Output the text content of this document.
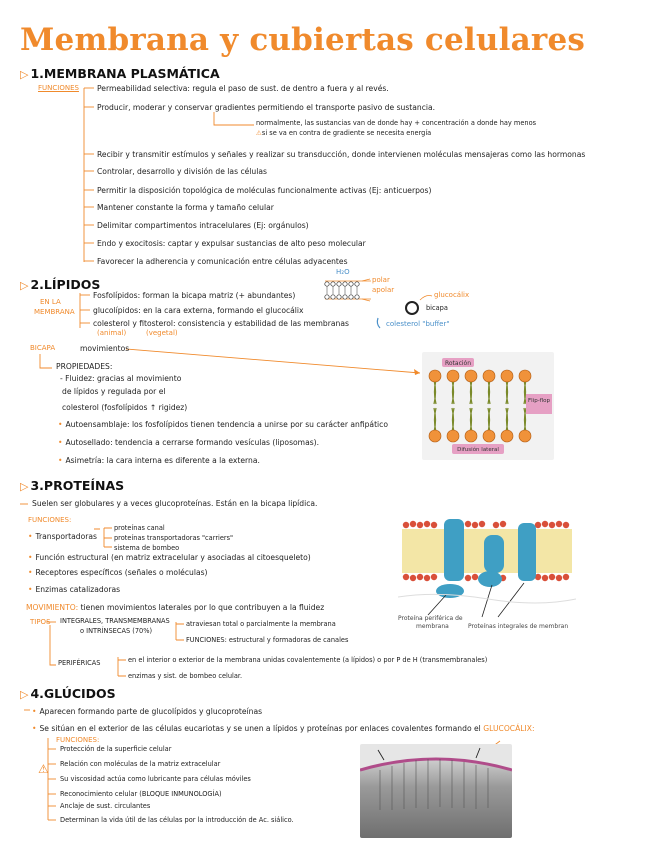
Membrana y cubiertas celulares
▷ 1.MEMBRANA PLASMÁTICA
FUNCIONES Permeabilidad selectiva: regula el paso de sust. de dentro a fuera y al revés.
Producir, moderar y conservar gradientes permitiendo el transporte pasivo de sustancia.
normalmente, las sustancias van de donde hay + concentración a donde hay menos
⚠si se va en contra de gradiente se necesita energía
Recibir y transmitir estímulos y señales y realizar su transducción, donde intervienen moléculas mensajeras como las hormonas
Controlar, desarrollo y división de las células
Permitir la disposición topológica de moléculas funcionalmente activas (Ej: anticuerpos)
Mantener constante la forma y tamaño celular
Delimitar compartimentos intracelulares (Ej: orgánulos)
Endo y exocitosis: captar y expulsar sustancias de alto peso molecular
Favorecer la adherencia y comunicación entre células adyacentes
▷ 2.LÍPIDOS
EN LA
MEMBRANA
Fosfolípidos: forman la bicapa matriz (+ abundantes)
glucolípidos: en la cara externa, formando el glucocálix
colesterol y fitosterol: consistencia y estabilidad de las membranas
(animal)	(vegetal)
H₂O
polar
apolar
glucocálix
bicapa
colesterol "buffer"
BICAPA	movimientos
PROPIEDADES:
- Fluidez: gracias al movimiento
de lípidos y regulada por el
colesterol (fosfolípidos ↑ rigidez)
• Autoensamblaje: los fosfolípidos tienen tendencia a unirse por su carácter anfipático
• Autosellado: tendencia a cerrarse formando vesículas (liposomas).
• Asimetría: la cara interna es diferente a la externa.
Rotación
Flip-flop
Difusión lateral
▷ 3.PROTEÍNAS
Suelen ser globulares y a veces glucoproteínas. Están en la bicapa lipídica.
FUNCIONES:
• Transportadoras
proteínas canal
proteínas transportadoras "carriers"
sistema de bombeo
• Función estructural (en matriz extracelular y asociadas al citoesqueleto)
• Receptores específicos (señales o moléculas)
• Enzimas catalizadoras
MOVIMIENTO: tienen movimientos laterales por lo que contribuyen a la fluidez
TIPOS INTEGRALES, TRANSMEMBRANAS
o INTRÍNSECAS (70%)
atraviesan total o parcialmente la membrana
FUNCIONES: estructural y formadoras de canales
PERIFÉRICAS	en el interior o exterior de la membrana unidas covalentemente (a lípidos) o por P de H (transmembranales)
enzimas y sist. de bombeo celular.
Proteína periférica de
membrana	Proteínas integrales de membran
▷ 4.GLÚCIDOS
• Aparecen formando parte de glucolípidos y glucoproteínas
• Se sitúan en el exterior de las células eucariotas y se unen a lípidos y proteínas por enlaces covalentes formando el GLUCOCÁLIX:
FUNCIONES:
⚠
Protección de la superficie celular
Relación con moléculas de la matriz extracelular
Su viscosidad actúa como lubricante para células móviles
Reconocimiento celular (BLOQUE INMUNOLOGÍA)
Anclaje de sust. circulantes
Determinan la vida útil de las células por la introducción de Ac. siálico.
